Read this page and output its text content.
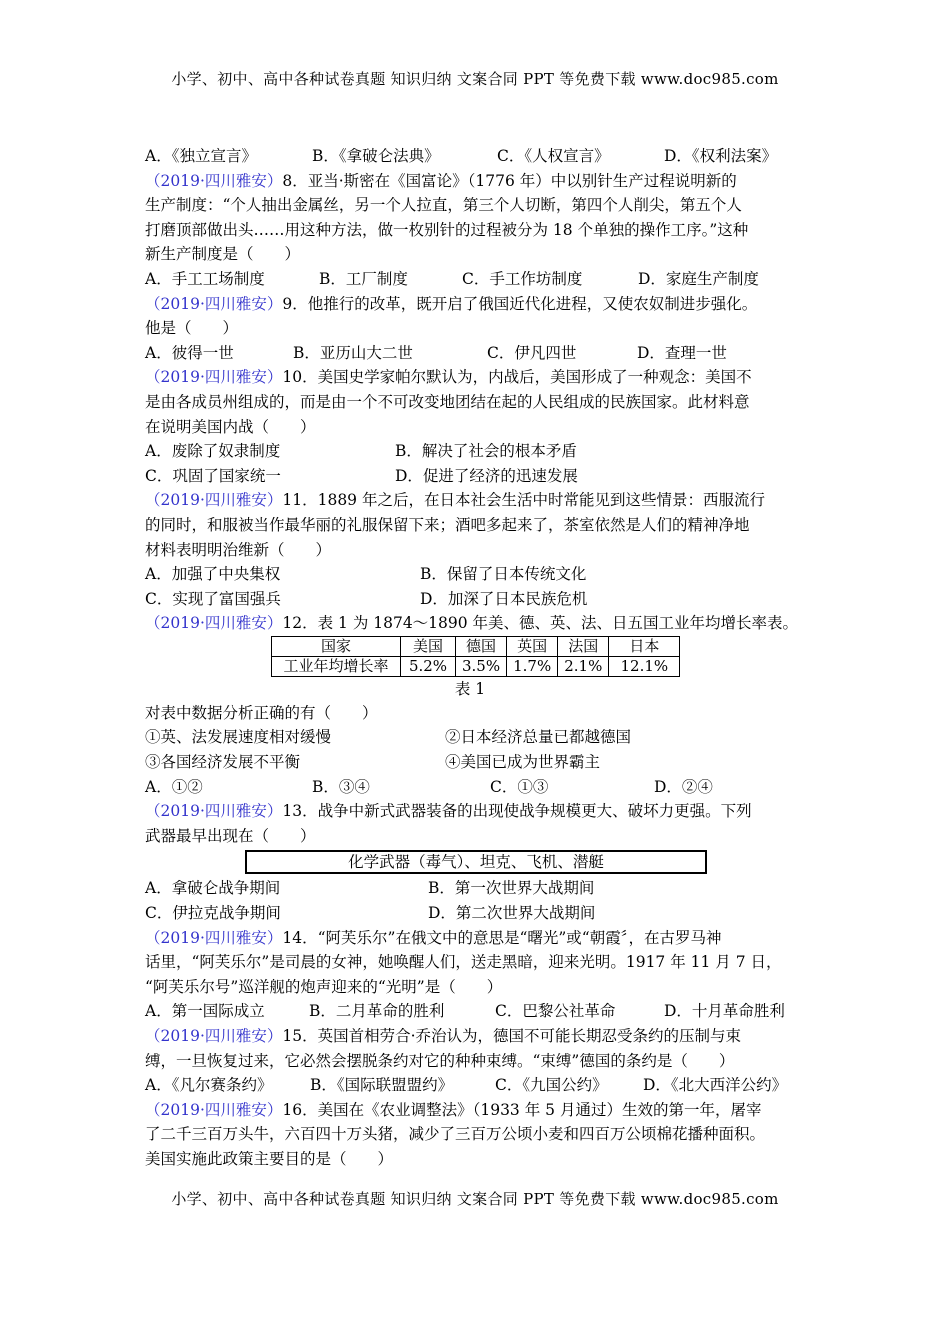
小学、初中、高中各种试卷真题 知识归纳 文案合同 PPT 等免费下载 www.doc985.com
A．《独立宣言》	B．《拿破仑法典》	C．《人权宣言》	D．《权利法案》
（2019·四川雅安）8．亚当·斯密在《国富论》（1776 年）中以别针生产过程说明新的
生产制度：“个人抽出金属丝，另一个人拉直，第三个人切断，第四个人削尖，第五个人
打磨顶部做出头……用这种方法，做一枚别针的过程被分为 18 个单独的操作工序。”这种
新生产制度是（　　）
A．手工工场制度	B．工厂制度	C．手工作坊制度	D．家庭生产制度
（2019·四川雅安）9．他推行的改革，既开启了俄国近代化进程，又使农奴制进步强化。
他是（　　）
A．彼得一世	B．亚历山大二世	C．伊凡四世	D．查理一世
（2019·四川雅安）10．美国史学家帕尔默认为，内战后，美国形成了一种观念：美国不
是由各成员州组成的，而是由一个不可改变地团结在起的人民组成的民族国家。此材料意
在说明美国内战（　　）
A．废除了奴隶制度	B．解决了社会的根本矛盾
C．巩固了国家统一	D．促进了经济的迅速发展
（2019·四川雅安）11．1889 年之后，在日本社会生活中时常能见到这些情景：西服流行
的同时，和服被当作最华丽的礼服保留下来；酒吧多起来了，茶室依然是人们的精神净地
材料表明明治维新（　　）
A．加强了中央集权	B．保留了日本传统文化
C．实现了富国强兵	D．加深了日本民族危机
（2019·四川雅安）12．表 1 为 1874～1890 年美、德、英、法、日五国工业年均增长率表。
国家	美国	德国	英国	法国	日本
工业年均增长率	5.2%	3.5%	1.7%	2.1%	12.1%
表 1
对表中数据分析正确的有（　　）
①英、法发展速度相对缓慢	②日本经济总量已都越德国
③各国经济发展不平衡	④美国已成为世界霸主
A．①②	B．③④	C．①③	D．②④
（2019·四川雅安）13．战争中新式武器装备的出现使战争规模更大、破坏力更强。下列
武器最早出现在（　　）
化学武器（毒气）、坦克、飞机、潜艇
A．拿破仑战争期间	B．第一次世界大战期间
C．伊拉克战争期间	D．第二次世界大战期间
（2019·四川雅安）14．“阿芙乐尔”在俄文中的意思是“曙光”或“朝霞〞，在古罗马神
话里，“阿芙乐尔”是司晨的女神，她唤醒人们，送走黑暗，迎来光明。1917 年 11 月 7 日，
“阿芙乐尔号”巡洋舰的炮声迎来的“光明”是（　　）
A．第一国际成立	B．二月革命的胜利	C．巴黎公社革命	D．十月革命胜利
（2019·四川雅安）15．英国首相劳合·乔治认为，德国不可能长期忍受条约的压制与束
缚，一旦恢复过来，它必然会摆脱条约对它的种种束缚。“束缚”德国的条约是（　　）
A．《凡尔赛条约》	B．《国际联盟盟约》	C．《九国公约》	D．《北大西洋公约》
（2019·四川雅安）16．美国在《农业调整法》（1933 年 5 月通过）生效的第一年，屠宰
了二千三百万头牛，六百四十万头猪，减少了三百万公顷小麦和四百万公顷棉花播种面积。
美国实施此政策主要目的是（　　）
小学、初中、高中各种试卷真题 知识归纳 文案合同 PPT 等免费下载 www.doc985.com
